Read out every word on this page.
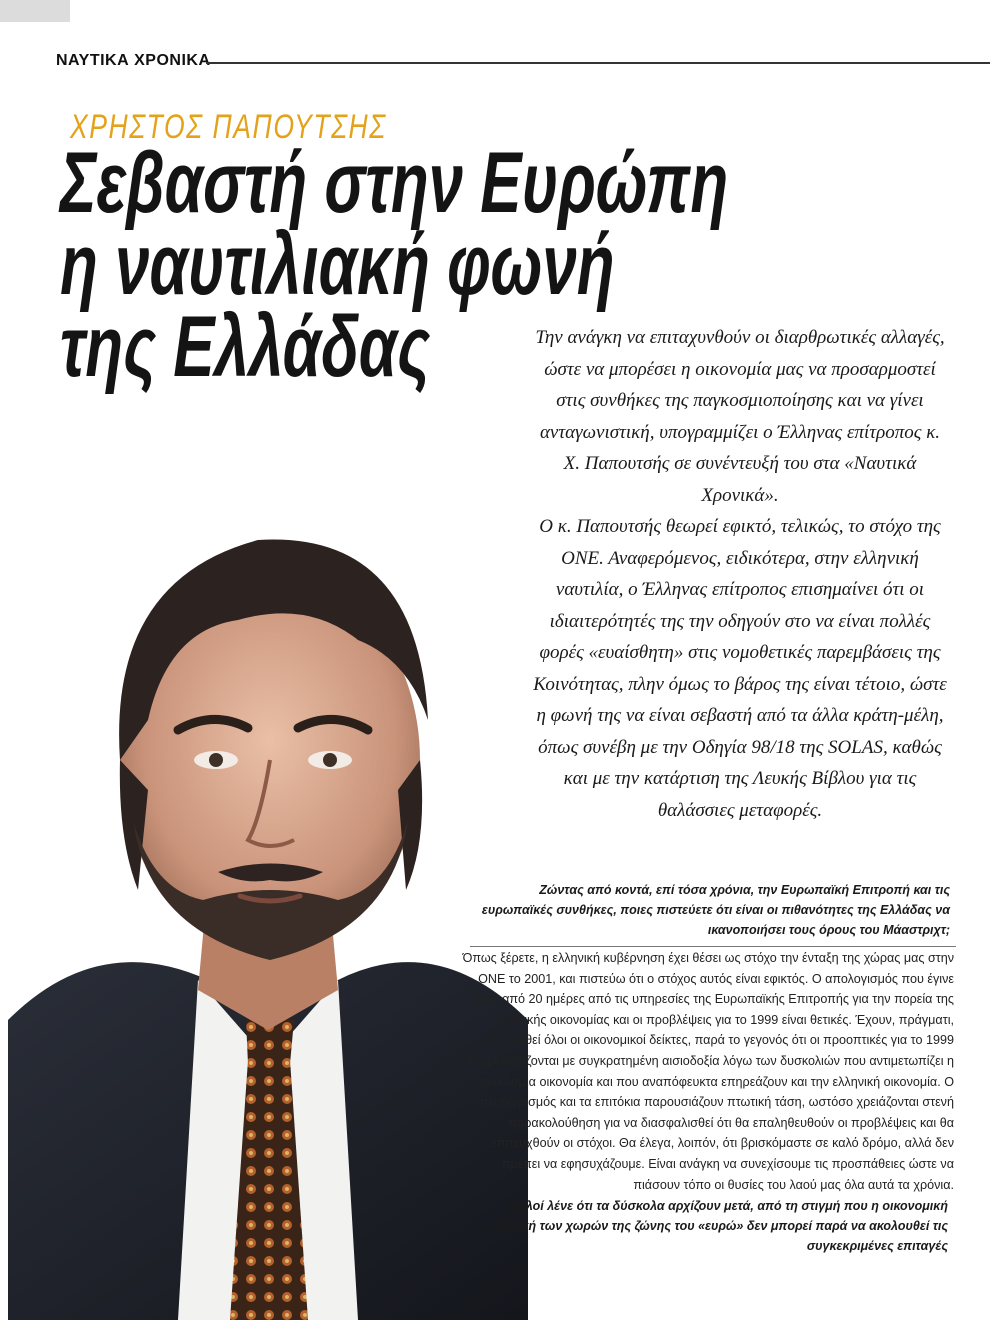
ΝΑΥΤΙΚΑ ΧΡΟΝΙΚΑ
ΧΡΗΣΤΟΣ ΠΑΠΟΥΤΣΗΣ
Σεβαστή στην Ευρώπη
η ναυτιλιακή φωνή
της Ελλάδας	Την ανάγκη να επιταχυνθούν οι διαρθρωτικές αλλαγές, ώστε να μπορέσει η οικονομία μας να προσαρμοστεί στις συνθήκες της παγκοσμιοποίησης και να γίνει ανταγωνιστική, υπογραμμίζει ο Έλληνας επίτροπος κ. Χ. Παπουτσής σε συνέντευξή του στα «Ναυτικά Χρονικά».

Ο κ. Παπουτσής θεωρεί εφικτό, τελικώς, το στόχο της ΟΝΕ. Αναφερόμενος, ειδικότερα, στην ελληνική ναυτιλία, ο Έλληνας επίτροπος επισημαίνει ότι οι ιδιαιτερότητές της την οδηγούν στο να είναι πολλές φορές «ευαίσθητη» στις νομοθετικές παρεμβάσεις της Κοινότητας, πλην όμως το βάρος της είναι τέτοιο, ώστε η φωνή της να είναι σεβαστή από τα άλλα κράτη-μέλη, όπως συνέβη με την Οδηγία 98/18 της SOLAS, καθώς και με την κατάρτιση της Λευκής Βίβλου για τις θαλάσσιες μεταφορές.

Ζώντας από κοντά, επί τόσα χρόνια, την Ευρωπαϊκή Επιτροπή και τις ευρωπαϊκές συνθήκες, ποιες πιστεύετε ότι είναι οι πιθανότητες της Ελλάδας να ικανοποιήσει τους όρους του Μάαστριχτ;

Όπως ξέρετε, η ελληνική κυβέρνηση έχει θέσει ως στόχο την ένταξη της χώρας μας στην ΟΝΕ το 2001, και πιστεύω ότι ο στόχος αυτός είναι εφικτός. Ο απολογισμός που έγινε πριν από 20 ημέρες από τις υπηρεσίες της Ευρωπαϊκής Επιτροπής για την πορεία της ελληνικής οικονομίας και οι προβλέψεις για το 1999 είναι θετικές. Έχουν, πράγματι, βελτιωθεί όλοι οι οικονομικοί δείκτες, παρά το γεγονός ότι οι προοπτικές για το 1999 αντιμετωπίζονται με συγκρατημένη αισιοδοξία λόγω των δυσκολιών που αντιμετωπίζει η παγκόσμια οικονομία και που αναπόφευκτα επηρεάζουν και την ελληνική οικονομία. Ο πληθωρισμός και τα επιτόκια παρουσιάζουν πτωτική τάση, ωστόσο χρειάζονται στενή παρακολούθηση για να διασφαλισθεί ότι θα επαληθευθούν οι προβλέψεις και θα επιτευχθούν οι στόχοι. Θα έλεγα, λοιπόν, ότι βρισκόμαστε σε καλό δρόμο, αλλά δεν πρέπει να εφησυχάζουμε. Είναι ανάγκη να συνεχίσουμε τις προσπάθειες ώστε να πιάσουν τόπο οι θυσίες του λαού μας όλα αυτά τα χρόνια.

Πολλοί λένε ότι τα δύσκολα αρχίζουν μετά, από τη στιγμή που η οικονομική πολιτική των χωρών της ζώνης του «ευρώ» δεν μπορεί παρά να ακολουθεί τις συγκεκριμένες επιταγές
